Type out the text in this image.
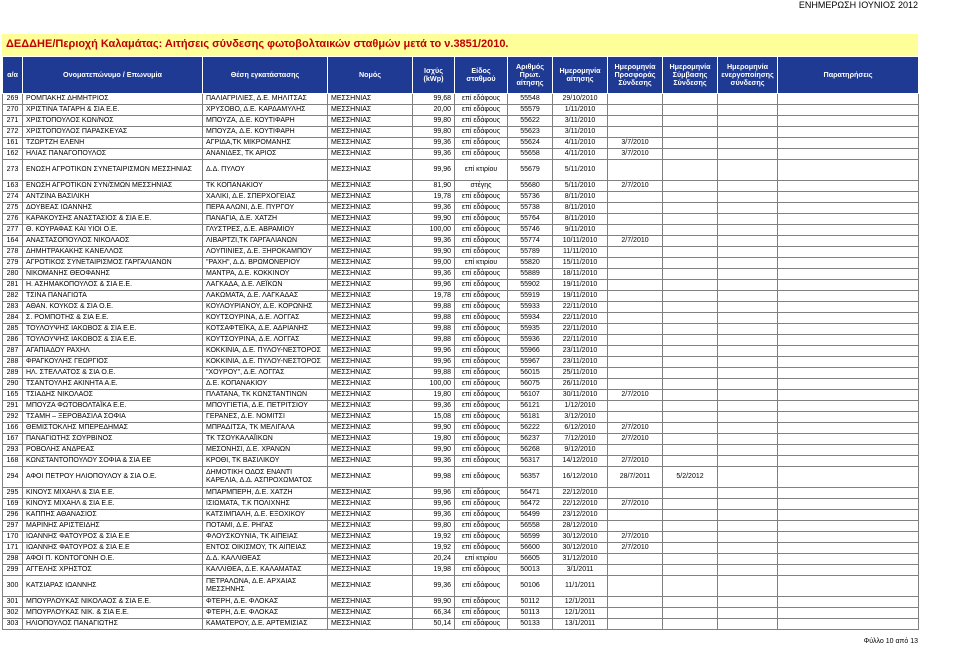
ΕΝΗΜΕΡΩΣΗ ΙΟΥΝΙΟΣ 2012
ΔΕΔΔΗΕ/Περιοχή Καλαμάτας: Αιτήσεις σύνδεσης φωτοβολταικών σταθμών μετά το ν.3851/2010.
α/α	Ονοματεπώνυμο / Επωνυμία	Θέση εγκατάστασης	Νομός	Ισχύς (kWp)	Είδος σταθμού	Αριθμός Πρωτ. αίτησης	Ημερομηνία αίτησης	Ημερομηνία Προσφοράς Σύνδεσης	Ημερομηνία Σύμβασης Σύνδεσης	Ημερομηνία ενεργοποίησης σύνδεσης	Παρατηρήσεις
269	ΡΟΜΠΑΚΗΣ ΔΗΜΗΤΡΙΟΣ	ΠΑΛΙΑΓΡΙΛΙΕΣ, Δ.Ε. ΜΗΛΙΤΣΑΣ	ΜΕΣΣΗΝΙΑΣ	99,68	επί εδάφους	55548	29/10/2010				
270	ΧΡΙΣΤΙΝΑ ΤΑΓΑΡΗ & ΣΙΑ Ε.Ε.	ΧΡΥΣΟΒΟ, Δ.Ε. ΚΑΡΔΑΜΥΛΗΣ	ΜΕΣΣΗΝΙΑΣ	20,00	επί εδάφους	55579	1/11/2010				
271	ΧΡΙΣΤΟΠΟΥΛΟΣ ΚΩΝ/ΝΟΣ	ΜΠΟΥΖΑ, Δ.Ε. ΚΟΥΤΙΦΑΡΗ	ΜΕΣΣΗΝΙΑΣ	99,80	επί εδάφους	55622	3/11/2010				
272	ΧΡΙΣΤΟΠΟΥΛΟΣ ΠΑΡΑΣΚΕΥΑΣ	ΜΠΟΥΖΑ, Δ.Ε. ΚΟΥΤΙΦΑΡΗ	ΜΕΣΣΗΝΙΑΣ	99,80	επί εδάφους	55623	3/11/2010				
161	ΤΖΩΡΤΖΗ ΕΛΕΝΗ	ΑΓΡΙΔΑ,ΤΚ ΜΙΚΡΟΜΑΝΗΣ	ΜΕΣΣΗΝΙΑΣ	99,36	επί εδάφους	55624	4/11/2010	3/7/2010			
162	ΗΛΙΑΣ ΠΑΝΑΓΟΠΟΥΛΟΣ	ΑΝΑΝΙΔΕΣ, ΤΚ ΑΡΙΟΣ	ΜΕΣΣΗΝΙΑΣ	99,36	επί εδάφους	55658	4/11/2010	3/7/2010			
273	ΕΝΩΣΗ ΑΓΡΟΤΙΚΩΝ ΣΥΝΕΤΑΙΡΙΣΜΩΝ ΜΕΣΣΗΝΙΑΣ	Δ.Δ. ΠΥΛΟΥ	ΜΕΣΣΗΝΙΑΣ	99,96	επί κτιρίου	55679	5/11/2010				
163	ΕΝΩΣΗ ΑΓΡΟΤΙΚΩΝ ΣΥΝ/ΣΜΩΝ ΜΕΣΣΗΝΙΑΣ	ΤΚ ΚΟΠΑΝΑΚΙΟΥ	ΜΕΣΣΗΝΙΑΣ	81,90	στέγης	55680	5/11/2010	2/7/2010			
274	ΑΝΤΖΙΝΑ ΒΑΣΙΛΙΚΗ	ΧΑΛΙΚΙ, Δ.Ε. ΣΠΕΡΧΟΓΕΙΑΣ	ΜΕΣΣΗΝΙΑΣ	19,78	επί εδάφους	55736	8/11/2010				
275	ΔΟΥΒΕΑΣ ΙΩΑΝΝΗΣ	ΠΕΡΑ ΑΛΩΝΙ, Δ.Ε. ΠΥΡΓΟΥ	ΜΕΣΣΗΝΙΑΣ	99,36	επί εδάφους	55738	8/11/2010				
276	ΚΑΡΑΚΟΥΣΗΣ ΑΝΑΣΤΑΣΙΟΣ & ΣΙΑ Ε.Ε.	ΠΑΝΑΓΙΑ, Δ.Ε. ΧΑΤΖΗ	ΜΕΣΣΗΝΙΑΣ	99,90	επί εδάφους	55764	8/11/2010				
277	Θ. ΚΟΥΡΑΦΑΣ ΚΑΙ ΥΙΟΙ Ο.Ε.	ΓΛΥΣΤΡΕΣ, Δ.Ε. ΑΒΡΑΜΙΟΥ	ΜΕΣΣΗΝΙΑΣ	100,00	επί εδάφους	55746	9/11/2010				
164	ΑΝΑΣΤΑΣΟΠΟΥΛΟΣ ΝΙΚΟΛΑΟΣ	ΛΙΒΑΡΤΖΙ,ΤΚ ΓΑΡΓΑΛΙΑΝΩΝ	ΜΕΣΣΗΝΙΑΣ	99,36	επί εδάφους	55774	10/11/2010	2/7/2010			
278	ΔΗΜΗΤΡΑΚΑΚΗΣ ΚΑΝΕΛΛΟΣ	ΛΟΥΠΙΝΙΕΣ, Δ.Ε. ΞΗΡΟΚΑΜΠΟΥ	ΜΕΣΣΗΝΙΑΣ	99,90	επί εδάφους	55789	11/11/2010				
279	ΑΓΡΟΤΙΚΟΣ ΣΥΝΕΤΑΙΡΙΣΜΟΣ ΓΑΡΓΑΛΙΑΝΩΝ	"ΡΑΧΗ", Δ.Δ. ΒΡΩΜΟΝΕΡΙΟΥ	ΜΕΣΣΗΝΙΑΣ	99,00	επί κτιρίου	55820	15/11/2010				
280	ΝΙΚΟΜΑΝΗΣ ΘΕΟΦΑΝΗΣ	ΜΑΝΤΡΑ, Δ.Ε. ΚΟΚΚΙΝΟΥ	ΜΕΣΣΗΝΙΑΣ	99,36	επί εδάφους	55889	18/11/2010				
281	Η. ΑΣΗΜΑΚΟΠΟΥΛΟΣ & ΣΙΑ Ε.Ε.	ΛΑΓΚΑΔΑ, Δ.Ε. ΛΕΪΚΩΝ	ΜΕΣΣΗΝΙΑΣ	99,96	επί εδάφους	55902	19/11/2010				
282	ΤΣΙΝΑ ΠΑΝΑΓΙΩΤΑ	ΛΑΚΩΜΑΤΑ, Δ.Ε. ΛΑΓΚΑΔΑΣ	ΜΕΣΣΗΝΙΑΣ	19,78	επί εδάφους	55919	19/11/2010				
283	ΑΘΑΝ. ΚΟΥΚΟΣ & ΣΙΑ Ο.Ε.	ΚΟΥΛΟΥΡΙΑΝΟΥ, Δ.Ε. ΚΟΡΩΝΗΣ	ΜΕΣΣΗΝΙΑΣ	99,88	επί εδάφους	55933	22/11/2010				
284	Σ. ΡΟΜΠΟΤΗΣ & ΣΙΑ Ε.Ε.	ΚΟΥΤΣΟΥΡΙΝΑ, Δ.Ε. ΛΟΓΓΑΣ	ΜΕΣΣΗΝΙΑΣ	99,88	επί εδάφους	55934	22/11/2010				
285	ΤΟΥΛΟΥΨΗΣ ΙΑΚΩΒΟΣ & ΣΙΑ Ε.Ε.	ΚΟΤΣΑΦΤΕΪΚΑ, Δ.Ε. ΑΔΡΙΑΝΗΣ	ΜΕΣΣΗΝΙΑΣ	99,88	επί εδάφους	55935	22/11/2010				
286	ΤΟΥΛΟΥΨΗΣ ΙΑΚΩΒΟΣ & ΣΙΑ Ε.Ε.	ΚΟΥΤΣΟΥΡΙΝΑ, Δ.Ε. ΛΟΓΓΑΣ	ΜΕΣΣΗΝΙΑΣ	99,88	επί εδάφους	55936	22/11/2010				
287	ΑΓΑΠΙΑΔΟΥ ΡΑΧΗΛ	ΚΟΚΚΙΝΙΑ, Δ.Ε. ΠΥΛΟΥ-ΝΕΣΤΟΡΟΣ	ΜΕΣΣΗΝΙΑΣ	99,96	επί εδάφους	55966	23/11/2010				
288	ΦΡΑΓΚΟΥΛΗΣ ΓΕΩΡΓΙΟΣ	ΚΟΚΚΙΝΙΑ, Δ.Ε. ΠΥΛΟΥ-ΝΕΣΤΟΡΟΣ	ΜΕΣΣΗΝΙΑΣ	99,96	επί εδάφους	55967	23/11/2010				
289	ΗΛ. ΣΤΕΛΛΑΤΟΣ & ΣΙΑ Ο.Ε.	"ΧΟΥΡΟΥ", Δ.Ε. ΛΟΓΓΑΣ	ΜΕΣΣΗΝΙΑΣ	99,88	επί εδάφους	56015	25/11/2010				
290	ΤΣΑΝΤΟΥΛΗΣ ΑΚΙΝΗΤΑ Α.Ε.	Δ.Ε. ΚΟΠΑΝΑΚΙΟΥ	ΜΕΣΣΗΝΙΑΣ	100,00	επί εδάφους	56075	26/11/2010				
165	ΤΣΙΑΔΗΣ ΝΙΚΟΛΑΟΣ	ΠΛΑΤΑΝΑ, ΤΚ ΚΩΝΣΤΑΝΤΙΝΩΝ	ΜΕΣΣΗΝΙΑΣ	19,80	επί εδάφους	56107	30/11/2010	2/7/2010			
291	ΜΠΟΥΖΑ ΦΩΤΟΒΟΛΤΑΪΚΑ Ε.Ε.	ΜΠΟΥΓΙΕΤΙΑ, Δ.Ε. ΠΕΤΡΙΤΣΙΟΥ	ΜΕΣΣΗΝΙΑΣ	99,36	επί εδάφους	56121	1/12/2010				
292	ΤΣΑΜΗ – ΞΕΡΟΒΑΣΙΛΑ ΣΟΦΙΑ	ΓΕΡΑΝΕΣ, Δ.Ε. ΝΟΜΙΤΣΙ	ΜΕΣΣΗΝΙΑΣ	15,08	επί εδάφους	56181	3/12/2010				
166	ΘΕΜΙΣΤΟΚΛΗΣ ΜΠΕΡΕΔΗΜΑΣ	ΜΠΡΑΔΙΤΣΑ, ΤΚ ΜΕΛΙΓΑΛΑ	ΜΕΣΣΗΝΙΑΣ	99,90	επί εδάφους	56222	6/12/2010	2/7/2010			
167	ΠΑΝΑΓΙΩΤΗΣ ΣΟΥΡΒΙΝΟΣ	ΤΚ ΤΣΟΥΚΑΛΑΪΙΚΩΝ	ΜΕΣΣΗΝΙΑΣ	19,80	επί εδάφους	56237	7/12/2010	2/7/2010			
293	ΡΟΒΟΛΗΣ ΑΝΔΡΕΑΣ	ΜΕΣΟΝΗΣΙ, Δ.Ε. ΧΡΑΝΩΝ	ΜΕΣΣΗΝΙΑΣ	99,90	επί εδάφους	56268	9/12/2010				
168	ΚΩΝΣΤΑΝΤΟΠΟΥΛΟΥ ΣΟΦΙΑ & ΣΙΑ ΕΕ	ΚΡΟΘΙ, ΤΚ ΒΑΣΙΛΙΚΟΥ	ΜΕΣΣΗΝΙΑΣ	99,36	επί εδάφους	56317	14/12/2010	2/7/2010			
294	ΑΦΟΙ ΠΕΤΡΟΥ ΗΛΙΟΠΟΥΛΟΥ & ΣΙΑ Ο.Ε.	ΔΗΜΟΤΙΚΗ ΟΔΟΣ ΕΝΑΝΤΙ ΚΑΡΕΛΙΑ, Δ.Δ. ΑΣΠΡΟΧΩΜΑΤΟΣ	ΜΕΣΣΗΝΙΑΣ	99,98	επί εδάφους	56357	16/12/2010	28/7/2011	5/2/2012		
295	ΚΙΝΟΥΣ ΜΙΧΑΗΛ & ΣΙΑ Ε.Ε.	ΜΠΑΡΜΠΕΡΗ, Δ.Ε. ΧΑΤΖΗ	ΜΕΣΣΗΝΙΑΣ	99,96	επί εδάφους	56471	22/12/2010				
169	ΚΙΝΟΥΣ ΜΙΧΑΗΛ & ΣΙΑ Ε.Ε.	ΙΣΙΩΜΑΤΑ, Τ.Κ ΠΟΛΙΧΝΗΣ	ΜΕΣΣΗΝΙΑΣ	99,96	επί εδάφους	56472	22/12/2010	2/7/2010			
296	ΚΑΠΠΗΣ ΑΘΑΝΑΣΙΟΣ	ΚΑΤΣΙΜΠΑΛΗ, Δ.Ε. ΕΞΟΧΙΚΟΥ	ΜΕΣΣΗΝΙΑΣ	99,36	επί εδάφους	56499	23/12/2010				
297	ΜΑΡΙΝΗΣ ΑΡΙΣΤΕΙΔΗΣ	ΠΟΤΑΜΙ, Δ.Ε. ΡΗΓΑΣ	ΜΕΣΣΗΝΙΑΣ	99,80	επί εδάφους	56558	28/12/2010				
170	ΙΩΑΝΝΗΣ ΦΑΤΟΥΡΟΣ & ΣΙΑ Ε.Ε	ΦΛΟΥΣΚΟΥΝΙΑ, ΤΚ ΑΙΠΕΙΑΣ	ΜΕΣΣΗΝΙΑΣ	19,92	επί εδάφους	56599	30/12/2010	2/7/2010			
171	ΙΩΑΝΝΗΣ ΦΑΤΟΥΡΟΣ & ΣΙΑ Ε.Ε	ΕΝΤΟΣ ΟΙΚΙΣΜΟΥ, ΤΚ ΑΙΠΕΙΑΣ	ΜΕΣΣΗΝΙΑΣ	19,92	επί εδάφους	56600	30/12/2010	2/7/2010			
298	ΑΦΟΙ Π. ΚΟΝΤΟΓΟΝΗ Ο.Ε.	Δ.Δ. ΚΑΛΛΙΘΕΑΣ	ΜΕΣΣΗΝΙΑΣ	20,24	επί κτιρίου	56605	31/12/2010				
299	ΑΓΓΕΛΗΣ ΧΡΗΣΤΟΣ	ΚΑΛΛΙΘΕΑ, Δ.Ε. ΚΑΛΑΜΑΤΑΣ	ΜΕΣΣΗΝΙΑΣ	19,98	επί εδάφους	50013	3/1/2011				
300	ΚΑΤΣΙΑΡΑΣ ΙΩΑΝΝΗΣ	ΠΕΤΡΑΛΩΝΑ, Δ.Ε. ΑΡΧΑΙΑΣ ΜΕΣΣΗΝΗΣ	ΜΕΣΣΗΝΙΑΣ	99,36	επί εδάφους	50106	11/1/2011				
301	ΜΠΟΥΡΛΟΥΚΑΣ ΝΙΚΟΛΑΟΣ & ΣΙΑ Ε.Ε.	ΦΤΕΡΗ, Δ.Ε. ΦΛΟΚΑΣ	ΜΕΣΣΗΝΙΑΣ	99,90	επί εδάφους	50112	12/1/2011				
302	ΜΠΟΥΡΛΟΥΚΑΣ ΝΙΚ. & ΣΙΑ Ε.Ε.	ΦΤΕΡΗ, Δ.Ε. ΦΛΟΚΑΣ	ΜΕΣΣΗΝΙΑΣ	66,34	επί εδάφους	50113	12/1/2011				
303	ΗΛΙΟΠΟΥΛΟΣ ΠΑΝΑΓΙΩΤΗΣ	ΚΑΜΑΤΕΡΟΥ, Δ.Ε. ΑΡΤΕΜΙΣΙΑΣ	ΜΕΣΣΗΝΙΑΣ	50,14	επί εδάφους	50133	13/1/2011				
Φύλλο 10 από 13
